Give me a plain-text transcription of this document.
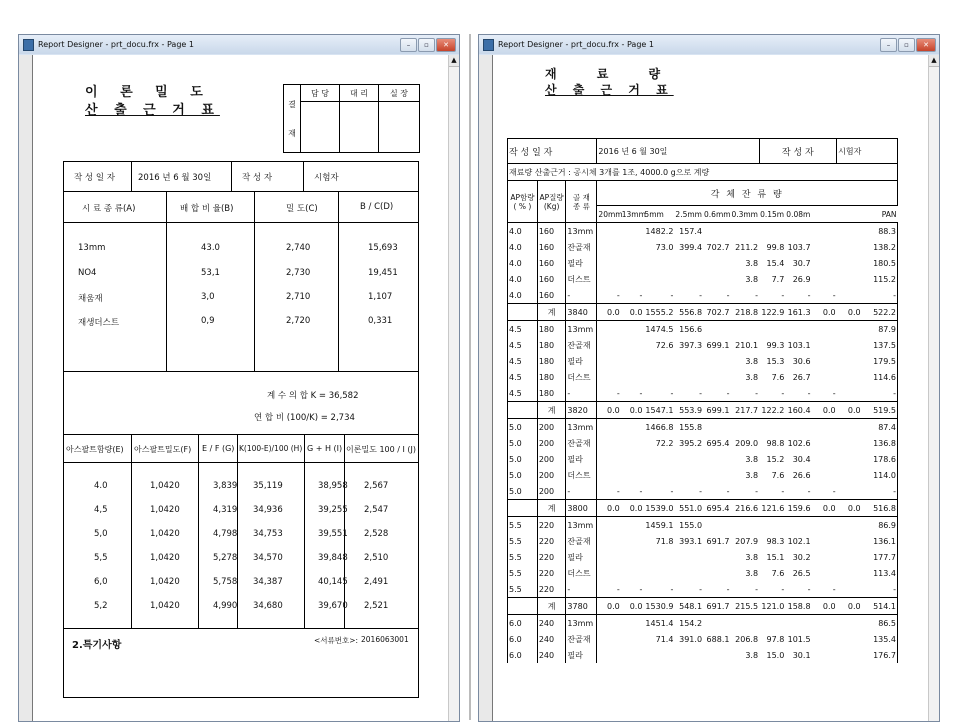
Report Designer - prt_docu.frx - Page 1	–	▫	✕
▲
Report Designer - prt_docu.frx - Page 1	–	▫	✕
▲
이 론 밀 도
산 출 근 거 표	결

재	담 당	대 리	실 장

작 성 일 자	2016 년 6 월 30일	작 성 자	시험자
시 료 종 류(A)	배 합 비 율(B)	밀 도(C)	B / C(D)
13mm	43.0	2,740	15,693
NO4	53,1	2,730	19,451
채움재	3,0	2,710	1,107
재생더스트	0,9	2,720	0,331
계 수 의 합 K = 36,582
연 합 비 (100/K) = 2,734
아스팔트함량(E) 아스팔트밀도(F) E / F (G) K(100-E)/100 (H) G + H (I) 이론밀도 100 / I (J)
4.0	1,0420	3,839 35,119	38,958 2,567
4,5	1,0420	4,319 34,936	39,255 2,547
5,0	1,0420	4,798 34,753	39,551 2,528
5,5	1,0420	5,278 34,570	39,848 2,510
6,0	1,0420	5,758 34,387	40,145 2,491
5,2	1,0420	4,990 34,680	39,670 2,521
2.특기사항	<서류번호>: 2016063001
재 료 량
산 출 근 거 표
작 성 일 자			2016 년 6 월 30일						작 성 자			시험자	
재료량 산출근거 : 공시체 3개를 1조, 4000.0 g으로 계량													
AP함량
( % )	AP질량
(Kg)	골 재
종 류	각 체 잔 류 량										
			20mm	13mm	5mm	2.5mm	0.6mm	0.3mm	0.15m	0.08m		PAN	
4.0	160	13mm			1482.2	157.4							88.3
4.0	160	잔골재			73.0	399.4	702.7	211.2	99.8	103.7			138.2
4.0	160	필라						3.8	15.4	30.7			180.5
4.0	160	더스트						3.8	7.7	26.9			115.2
4.0	160	-	-	-	-	-	-	-	-	-	-		-
	계	3840	0.0	0.0	1555.2	556.8	702.7	218.8	122.9	161.3	0.0	0.0	522.2
4.5	180	13mm			1474.5	156.6							87.9
4.5	180	잔골재			72.6	397.3	699.1	210.1	99.3	103.1			137.5
4.5	180	필라						3.8	15.3	30.6			179.5
4.5	180	더스트						3.8	7.6	26.7			114.6
4.5	180	-	-	-	-	-	-	-	-	-	-		-
	계	3820	0.0	0.0	1547.1	553.9	699.1	217.7	122.2	160.4	0.0	0.0	519.5
5.0	200	13mm			1466.8	155.8							87.4
5.0	200	잔골재			72.2	395.2	695.4	209.0	98.8	102.6			136.8
5.0	200	필라						3.8	15.2	30.4			178.6
5.0	200	더스트						3.8	7.6	26.6			114.0
5.0	200	-	-	-	-	-	-	-	-	-	-		-
	계	3800	0.0	0.0	1539.0	551.0	695.4	216.6	121.6	159.6	0.0	0.0	516.8
5.5	220	13mm			1459.1	155.0							86.9
5.5	220	잔골재			71.8	393.1	691.7	207.9	98.3	102.1			136.1
5.5	220	필라						3.8	15.1	30.2			177.7
5.5	220	더스트						3.8	7.6	26.5			113.4
5.5	220	-	-	-	-	-	-	-	-	-	-		-
	계	3780	0.0	0.0	1530.9	548.1	691.7	215.5	121.0	158.8	0.0	0.0	514.1
6.0	240	13mm			1451.4	154.2							86.5
6.0	240	잔골재			71.4	391.0	688.1	206.8	97.8	101.5			135.4
6.0	240	필라						3.8	15.0	30.1			176.7
